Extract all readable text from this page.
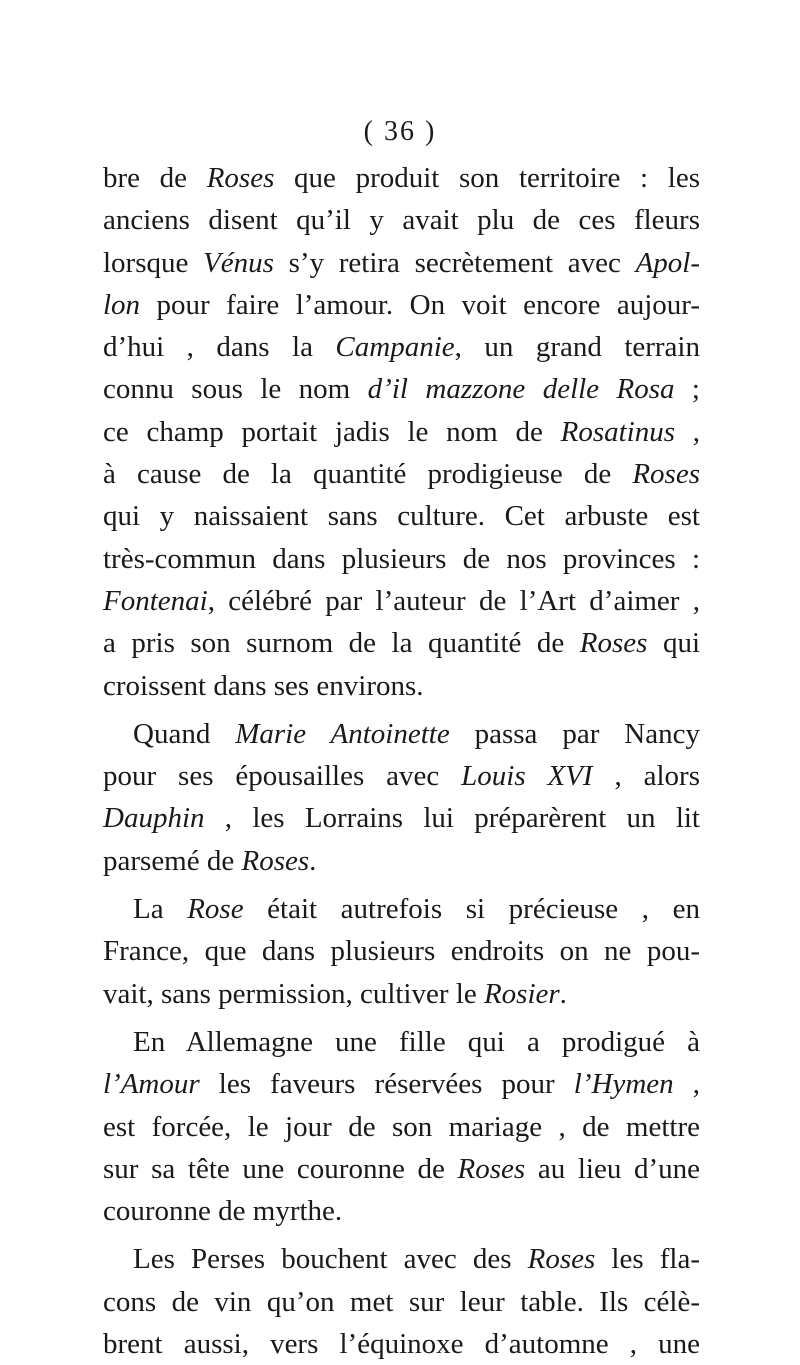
( 36 )
bre de Roses que produit son territoire : les
anciens disent qu’il y avait plu de ces fleurs
lorsque Vénus s’y retira secrètement avec Apol-
lon pour faire l’amour. On voit encore aujour-
d’hui , dans la Campanie, un grand terrain
connu sous le nom d’il mazzone delle Rosa ;
ce champ portait jadis le nom de Rosatinus ,
à cause de la quantité prodigieuse de Roses
qui y naissaient sans culture. Cet arbuste est
très-commun dans plusieurs de nos provinces :
Fontenai, célébré par l’auteur de l’Art d’aimer ,
a pris son surnom de la quantité de Roses qui
croissent dans ses environs.
Quand Marie Antoinette passa par Nancy
pour ses épousailles avec Louis XVI , alors
Dauphin , les Lorrains lui préparèrent un lit
parsemé de Roses.
La Rose était autrefois si précieuse , en
France, que dans plusieurs endroits on ne pou-
vait, sans permission, cultiver le Rosier.
En Allemagne une fille qui a prodigué à
l’Amour les faveurs réservées pour l’Hymen ,
est forcée, le jour de son mariage , de mettre
sur sa tête une couronne de Roses au lieu d’une
couronne de myrthe.
Les Perses bouchent avec des Roses les fla-
cons de vin qu’on met sur leur table. Ils célè-
brent aussi, vers l’équinoxe d’automne , une
